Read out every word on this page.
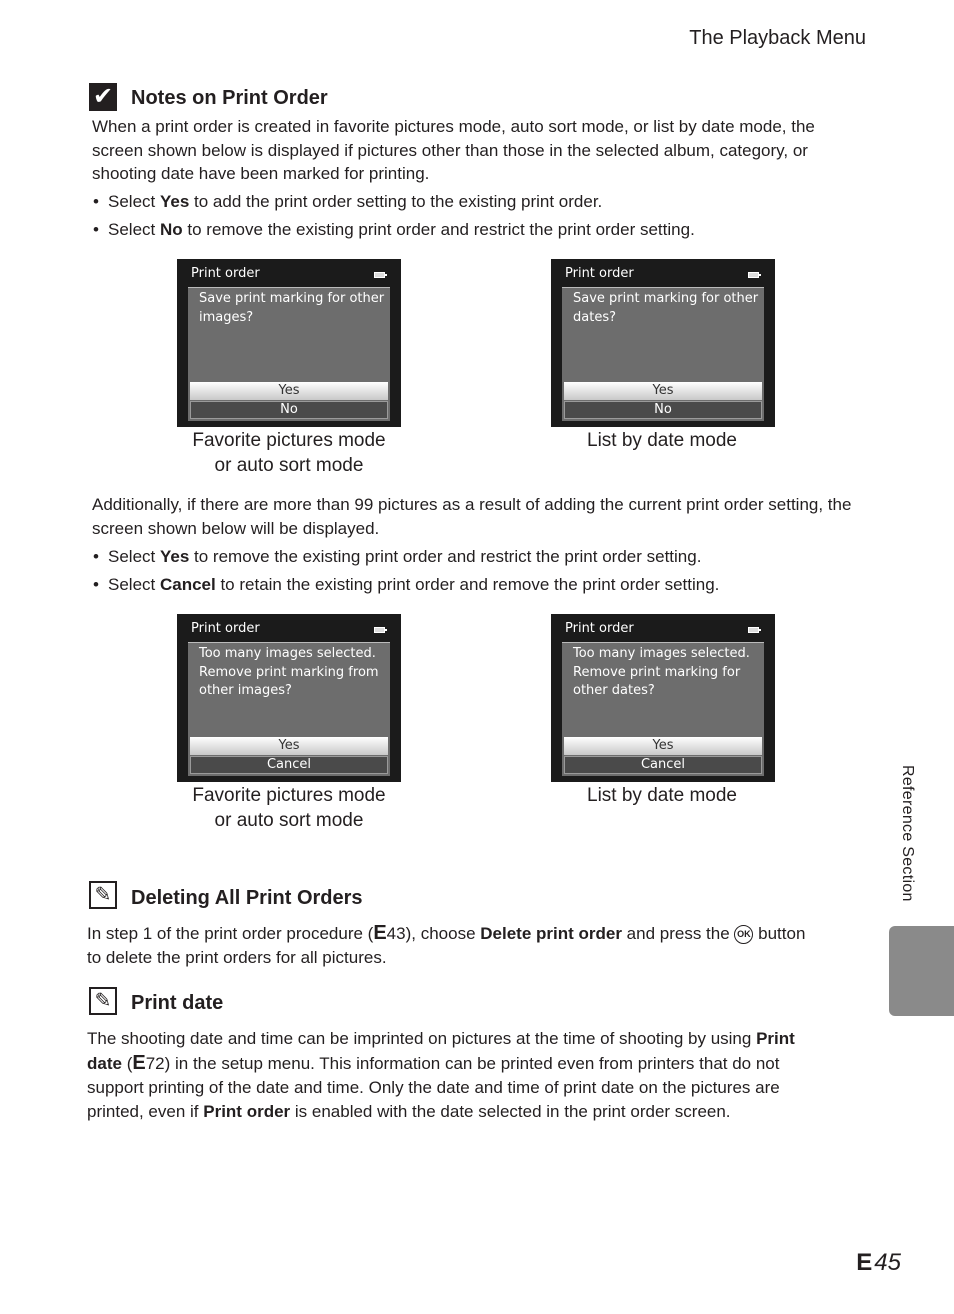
The Playback Menu
✔ Notes on Print Order
When a print order is created in favorite pictures mode, auto sort mode, or list by date mode, the screen shown below is displayed if pictures other than those in the selected album, category, or shooting date have been marked for printing.
• Select Yes to add the print order setting to the existing print order.
• Select No to remove the existing print order and restrict the print order setting.
Print order
Save print marking for other images?
Yes
No
Favorite pictures mode
or auto sort mode
Print order
Save print marking for other dates?
Yes
No
List by date mode
Additionally, if there are more than 99 pictures as a result of adding the current print order setting, the screen shown below will be displayed.
• Select Yes to remove the existing print order and restrict the print order setting.
• Select Cancel to retain the existing print order and remove the print order setting.
Print order
Too many images selected. Remove print marking from other images?
Yes
Cancel
Favorite pictures mode
or auto sort mode
Print order
Too many images selected. Remove print marking for other dates?
Yes
Cancel
List by date mode
✎ Deleting All Print Orders
In step 1 of the print order procedure (E43), choose Delete print order and press the OK button
to delete the print orders for all pictures.
✎ Print date
The shooting date and time can be imprinted on pictures at the time of shooting by using Print
date (E72) in the setup menu. This information can be printed even from printers that do not
support printing of the date and time. Only the date and time of print date on the pictures are
printed, even if Print order is enabled with the date selected in the print order screen.
Reference Section
E 45
